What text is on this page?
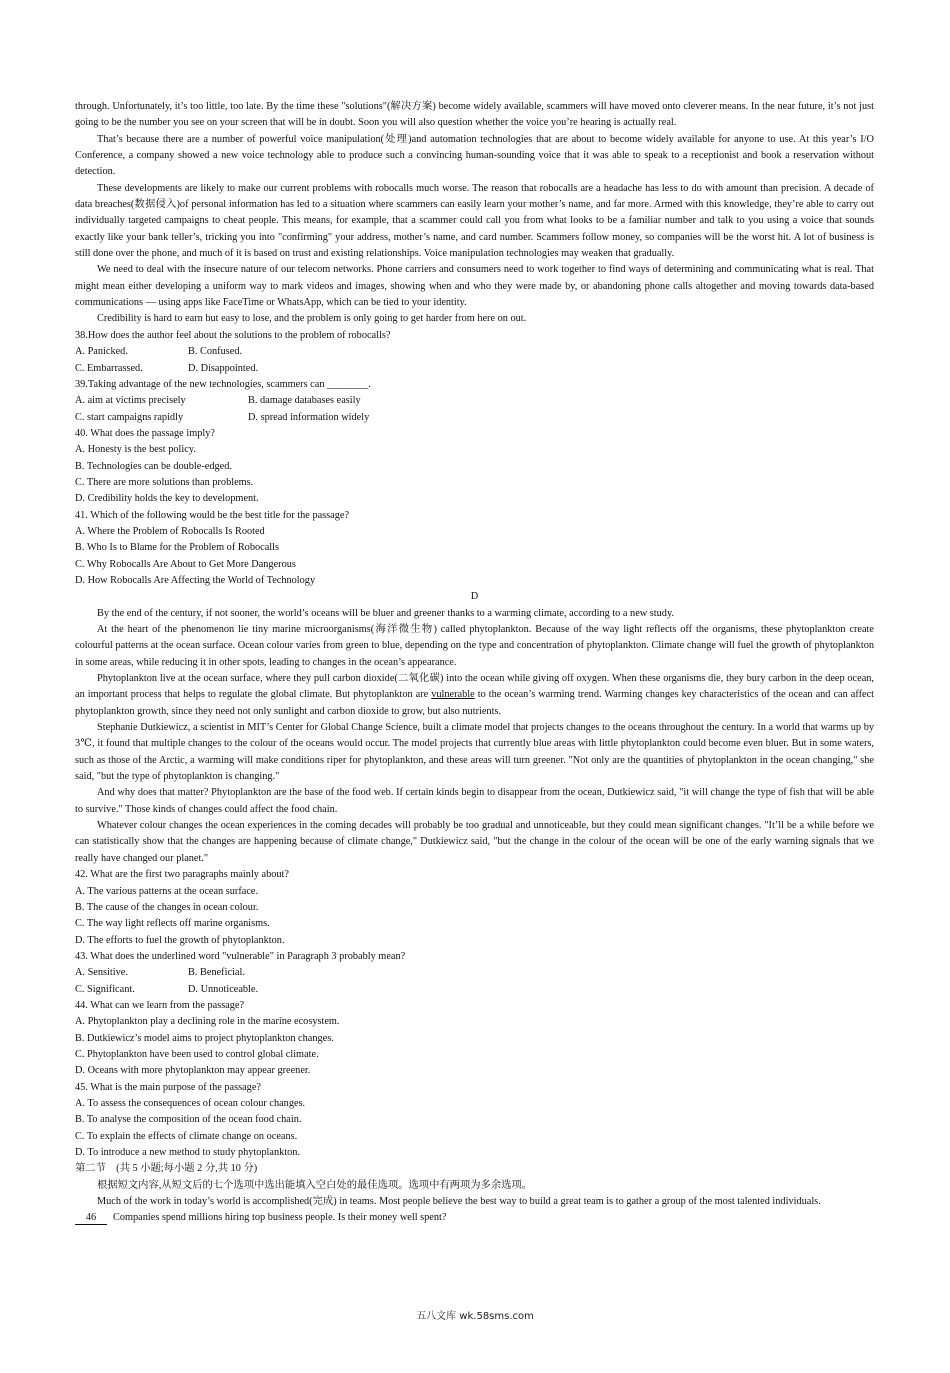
through. Unfortunately, it’s too little, too late. By the time these "solutions"(解决方案) become widely available, scammers will have moved onto cleverer means. In the near future, it’s not just going to be the number you see on your screen that will be in doubt. Soon you will also question whether the voice you’re hearing is actually real.

That’s because there are a number of powerful voice manipulation(处理)and automation technologies that are about to become widely available for anyone to use. At this year’s I/O Conference, a company showed a new voice technology able to produce such a convincing human-sounding voice that it was able to speak to a receptionist and book a reservation without detection.

These developments are likely to make our current problems with robocalls much worse. The reason that robocalls are a headache has less to do with amount than precision. A decade of data breaches(数据侵入)of personal information has led to a situation where scammers can easily learn your mother’s name, and far more. Armed with this knowledge, they’re able to carry out individually targeted campaigns to cheat people. This means, for example, that a scammer could call you from what looks to be a familiar number and talk to you using a voice that sounds exactly like your bank teller’s, tricking you into "confirming" your address, mother’s name, and card number. Scammers follow money, so companies will be the worst hit. A lot of business is still done over the phone, and much of it is based on trust and existing relationships. Voice manipulation technologies may weaken that gradually.

We need to deal with the insecure nature of our telecom networks. Phone carriers and consumers need to work together to find ways of determining and communicating what is real. That might mean either developing a uniform way to mark videos and images, showing when and who they were made by, or abandoning phone calls altogether and moving towards data-based communications — using apps like FaceTime or WhatsApp, which can be tied to your identity.

Credibility is hard to earn but easy to lose, and the problem is only going to get harder from here on out.

38.How does the author feel about the solutions to the problem of robocalls?

A. Panicked.	B. Confused.

C. Embarrassed.	D. Disappointed.

39.Taking advantage of the new technologies, scammers can ________.

A. aim at victims precisely	B. damage databases easily

C. start campaigns rapidly	D. spread information widely

40. What does the passage imply?

A. Honesty is the best policy.

B. Technologies can be double-edged.

C. There are more solutions than problems.

D. Credibility holds the key to development.

41. Which of the following would be the best title for the passage?

A. Where the Problem of Robocalls Is Rooted

B. Who Is to Blame for the Problem of Robocalls

C. Why Robocalls Are About to Get More Dangerous

D. How Robocalls Are Affecting the World of Technology

D

By the end of the century, if not sooner, the world’s oceans will be bluer and greener thanks to a warming climate, according to a new study.

At the heart of the phenomenon lie tiny marine microorganisms(海洋微生物) called phytoplankton. Because of the way light reflects off the organisms, these phytoplankton create colourful patterns at the ocean surface. Ocean colour varies from green to blue, depending on the type and concentration of phytoplankton. Climate change will fuel the growth of phytoplankton in some areas, while reducing it in other spots, leading to changes in the ocean’s appearance.

Phytoplankton live at the ocean surface, where they pull carbon dioxide(二氧化碳) into the ocean while giving off oxygen. When these organisms die, they bury carbon in the deep ocean, an important process that helps to regulate the global climate. But phytoplankton are vulnerable to the ocean’s warming trend. Warming changes key characteristics of the ocean and can affect phytoplankton growth, since they need not only sunlight and carbon dioxide to grow, but also nutrients.

Stephanie Dutkiewicz, a scientist in MIT’s Center for Global Change Science, built a climate model that projects changes to the oceans throughout the century. In a world that warms up by 3℃, it found that multiple changes to the colour of the oceans would occur. The model projects that currently blue areas with little phytoplankton could become even bluer. But in some waters, such as those of the Arctic, a warming will make conditions riper for phytoplankton, and these areas will turn greener. "Not only are the quantities of phytoplankton in the ocean changing," she said, "but the type of phytoplankton is changing."

And why does that matter? Phytoplankton are the base of the food web. If certain kinds begin to disappear from the ocean, Dutkiewicz said, "it will change the type of fish that will be able to survive." Those kinds of changes could affect the food chain.

Whatever colour changes the ocean experiences in the coming decades will probably be too gradual and unnoticeable, but they could mean significant changes. "It’ll be a while before we can statistically show that the changes are happening because of climate change," Dutkiewicz said, "but the change in the colour of the ocean will be one of the early warning signals that we really have changed our planet."

42. What are the first two paragraphs mainly about?

A. The various patterns at the ocean surface.

B. The cause of the changes in ocean colour.

C. The way light reflects off marine organisms.

D. The efforts to fuel the growth of phytoplankton.

43. What does the underlined word "vulnerable" in Paragraph 3 probably mean?

A. Sensitive.	B. Beneficial.

C. Significant.	D. Unnoticeable.

44. What can we learn from the passage?

A. Phytoplankton play a declining role in the marine ecosystem.

B. Dutkiewicz’s model aims to project phytoplankton changes.

C. Phytoplankton have been used to control global climate.

D. Oceans with more phytoplankton may appear greener.

45. What is the main purpose of the passage?

A. To assess the consequences of ocean colour changes.

B. To analyse the composition of the ocean food chain.

C. To explain the effects of climate change on oceans.

D. To introduce a new method to study phytoplankton.

第二节　(共 5 小题;每小题 2 分,共 10 分)

根据短文内容,从短文后的七个选项中选出能填入空白处的最佳选项。选项中有两项为多余选项。

Much of the work in today’s world is accomplished(完成) in teams. Most people believe the best way to build a great team is to gather a group of the most talented individuals.

46 Companies spend millions hiring top business people. Is their money well spent?

五八文库 wk.58sms.com
